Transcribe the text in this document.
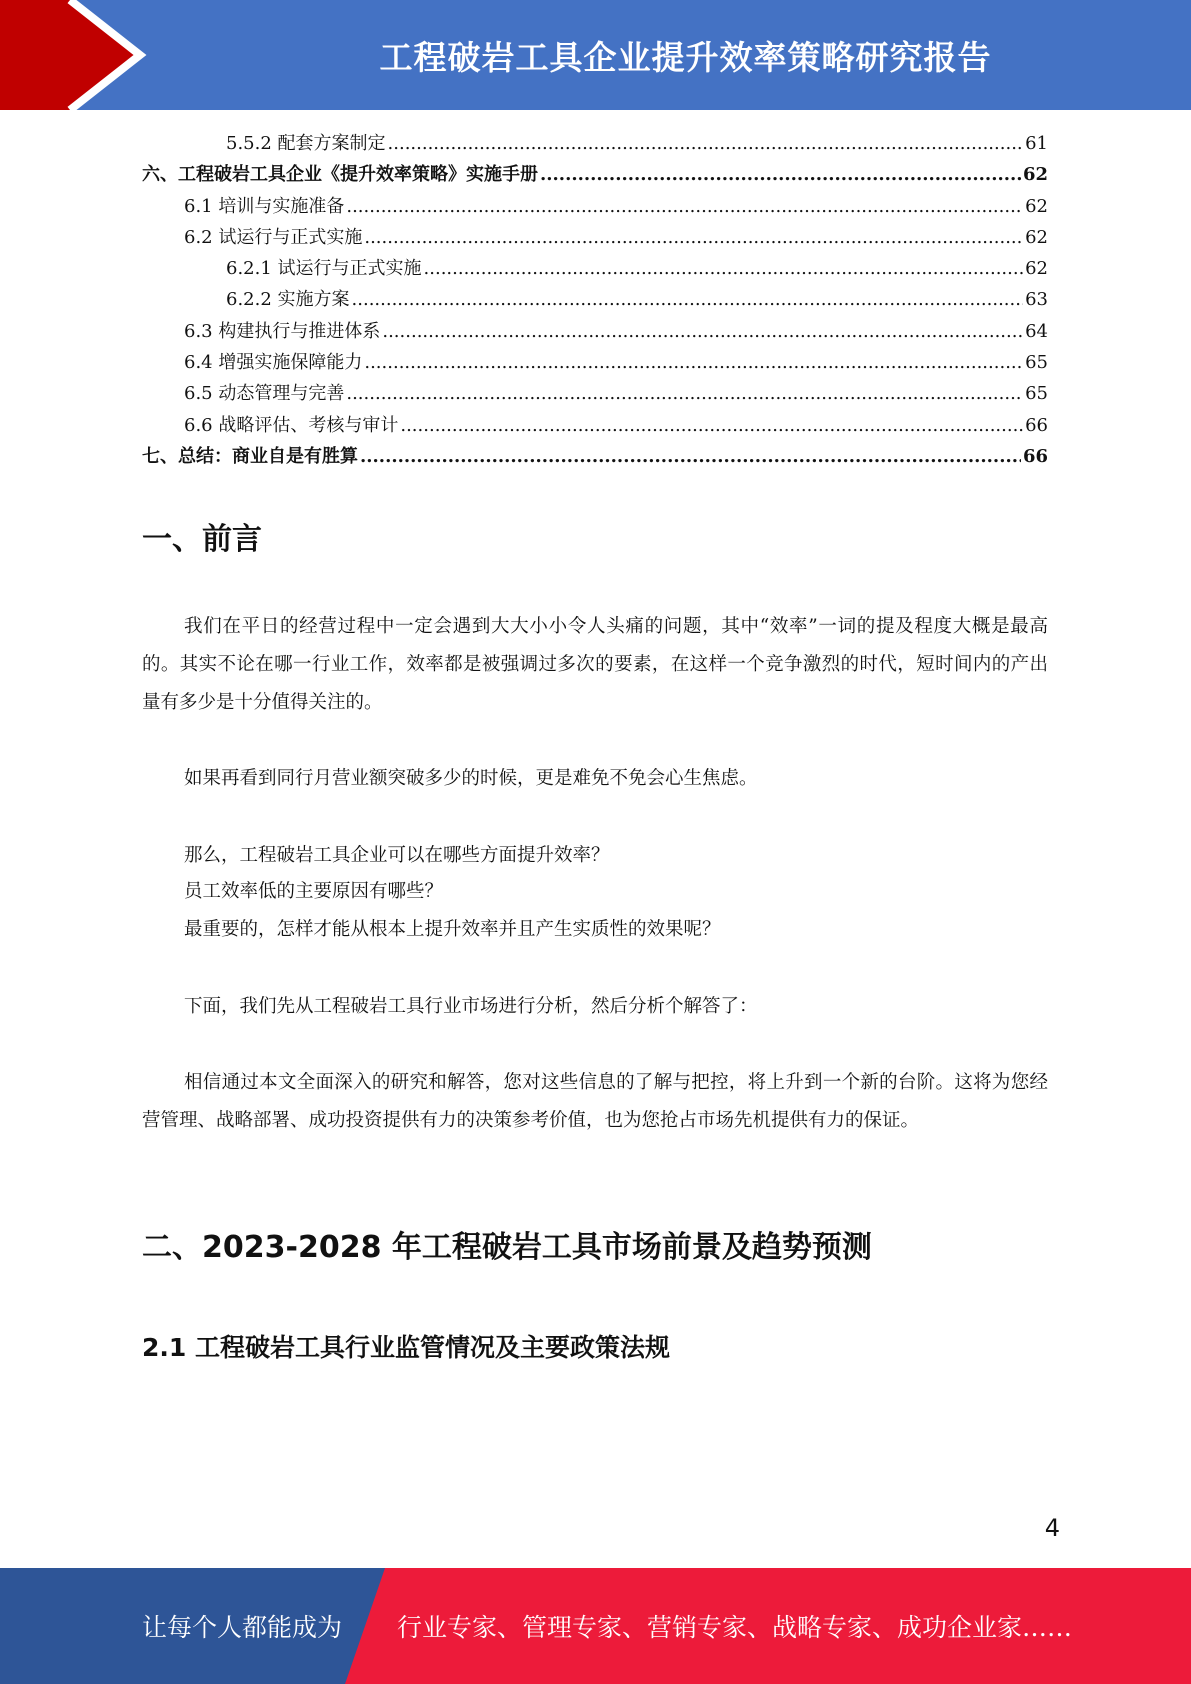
工程破岩工具企业提升效率策略研究报告
5.5.2 配套方案制定 .....	61
六、工程破岩工具企业《提升效率策略》实施手册 .....	62
6.1 培训与实施准备 .....	62
6.2 试运行与正式实施 .....	62
6.2.1 试运行与正式实施 .....	62
6.2.2 实施方案 .....	63
6.3 构建执行与推进体系 .....	64
6.4 增强实施保障能力 .....	65
6.5 动态管理与完善 .....	65
6.6 战略评估、考核与审计 .....	66
七、总结：商业自是有胜算 .....	66
一、前言

我们在平日的经营过程中一定会遇到大大小小令人头痛的问题，其中“效率”一词的提及程度大概是最高的。其实不论在哪一行业工作，效率都是被强调过多次的要素，在这样一个竞争激烈的时代，短时间内的产出量有多少是十分值得关注的。

如果再看到同行月营业额突破多少的时候，更是难免不免会心生焦虑。

那么，工程破岩工具企业可以在哪些方面提升效率？

员工效率低的主要原因有哪些？

最重要的，怎样才能从根本上提升效率并且产生实质性的效果呢？

下面，我们先从工程破岩工具行业市场进行分析，然后分析个解答了：

相信通过本文全面深入的研究和解答，您对这些信息的了解与把控，将上升到一个新的台阶。这将为您经营管理、战略部署、成功投资提供有力的决策参考价值，也为您抢占市场先机提供有力的保证。

二、2023-2028 年工程破岩工具市场前景及趋势预测
2.1 工程破岩工具行业监管情况及主要政策法规
4
让每个人都能成为 行业专家、管理专家、营销专家、战略专家、成功企业家……
